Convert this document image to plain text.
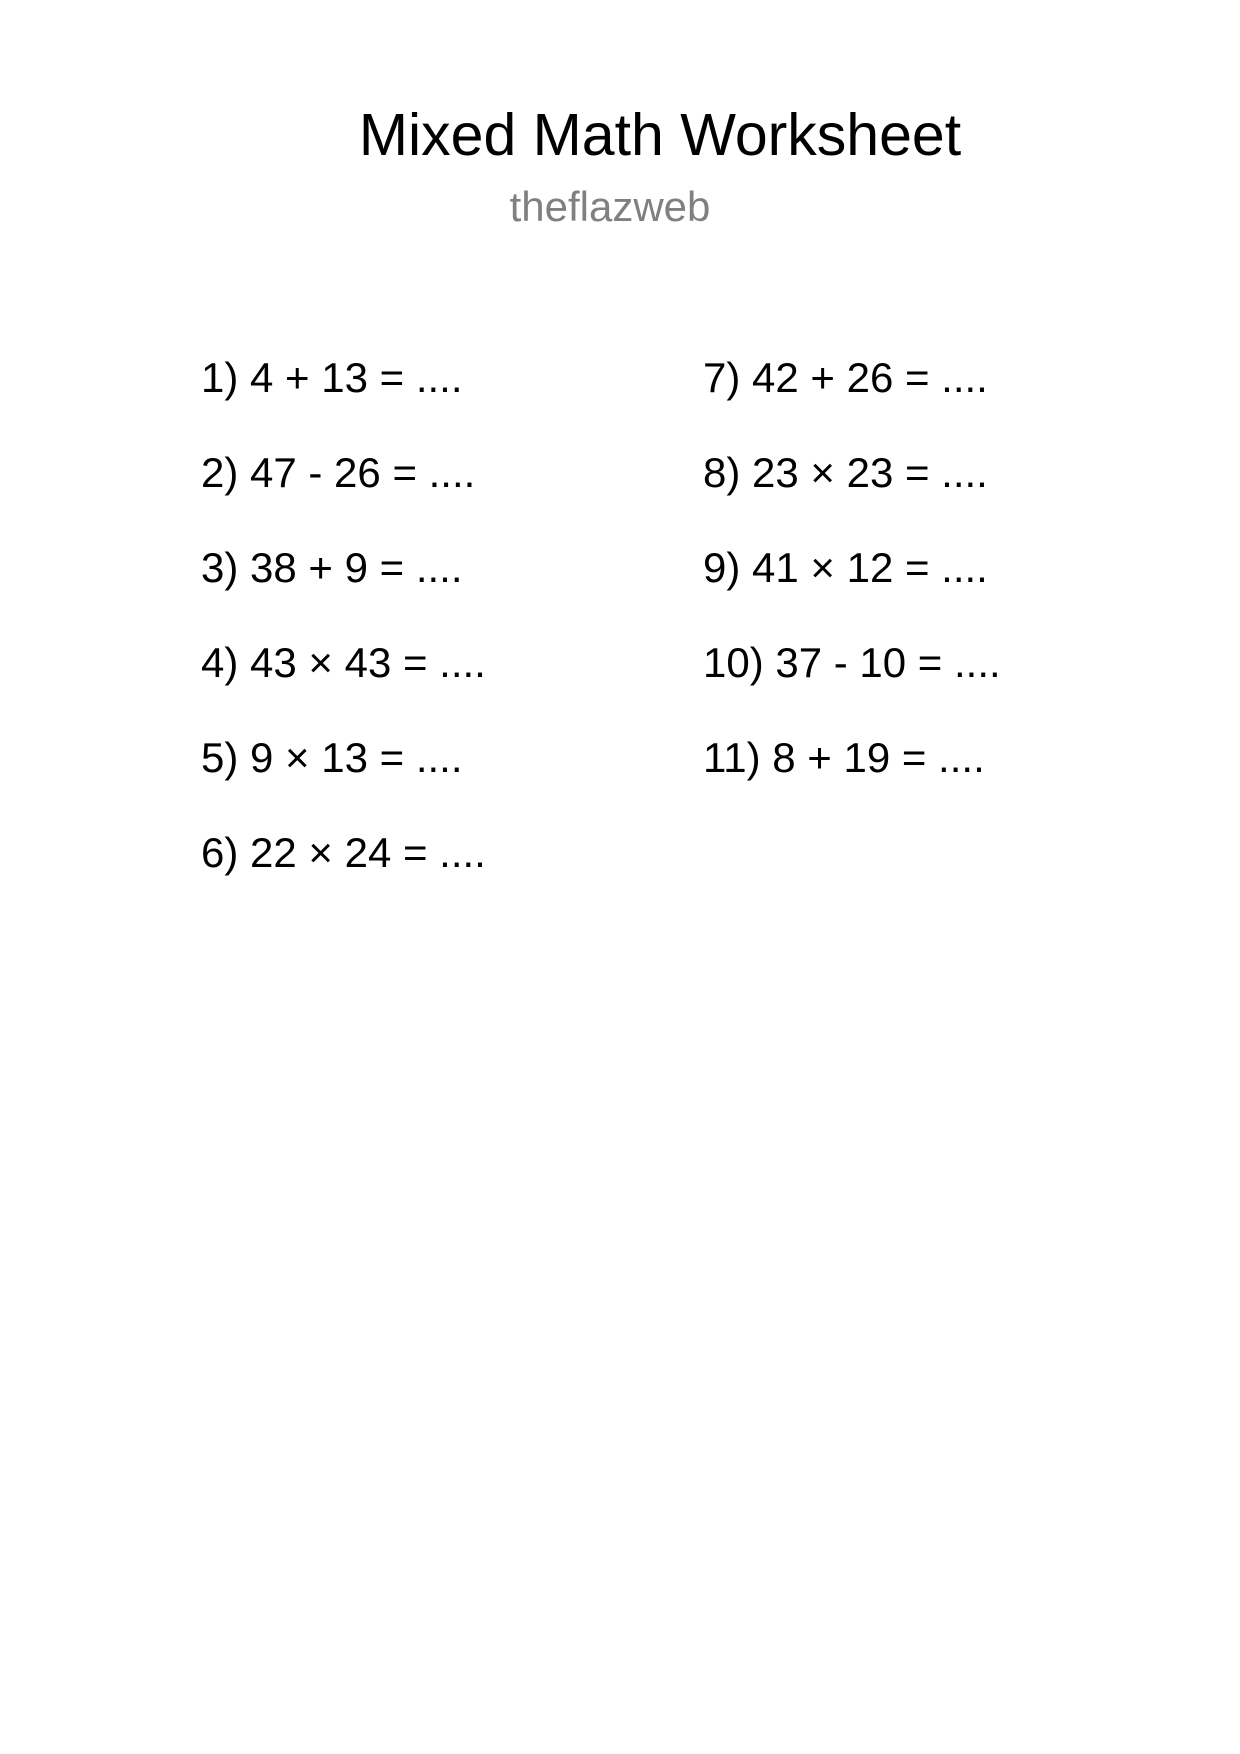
Mixed Math Worksheet
theflazweb
1) 4 + 13 = ....
2) 47 - 26 = ....
3) 38 + 9 = ....
4) 43 × 43 = ....
5) 9 × 13 = ....
6) 22 × 24 = ....
7) 42 + 26 = ....
8) 23 × 23 = ....
9) 41 × 12 = ....
10) 37 - 10 = ....
11) 8 + 19 = ....
